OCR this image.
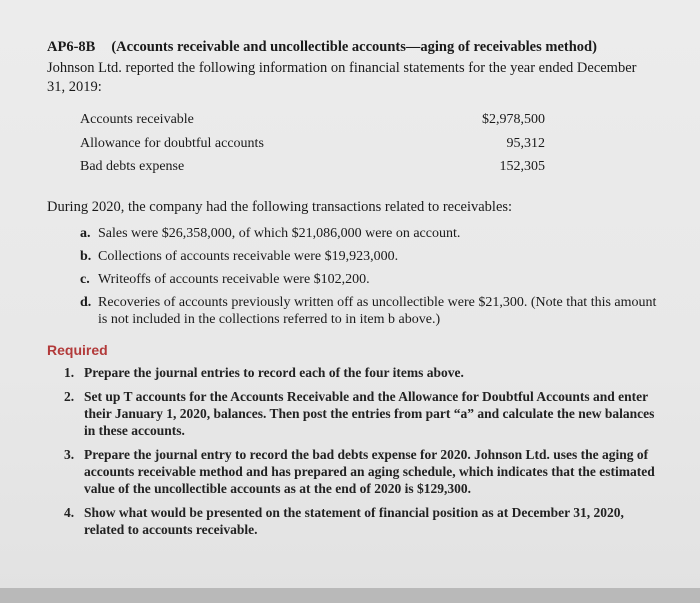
AP6-8B (Accounts receivable and uncollectible accounts—aging of receivables method)
Johnson Ltd. reported the following information on financial statements for the year ended December
31, 2019:
Accounts receivable	$2,978,500
Allowance for doubtful accounts	95,312
Bad debts expense	152,305
During 2020, the company had the following transactions related to receivables:
a. Sales were $26,358,000, of which $21,086,000 were on account.
b. Collections of accounts receivable were $19,923,000.
c. Writeoffs of accounts receivable were $102,200.
d. Recoveries of accounts previously written off as uncollectible were $21,300. (Note that this amount
is not included in the collections referred to in item b above.)
Required
1. Prepare the journal entries to record each of the four items above.
2. Set up T accounts for the Accounts Receivable and the Allowance for Doubtful Accounts and enter
their January 1, 2020, balances. Then post the entries from part “a” and calculate the new balances
in these accounts.
3. Prepare the journal entry to record the bad debts expense for 2020. Johnson Ltd. uses the aging of
accounts receivable method and has prepared an aging schedule, which indicates that the estimated
value of the uncollectible accounts as at the end of 2020 is $129,300.
4. Show what would be presented on the statement of financial position as at December 31, 2020,
related to accounts receivable.
